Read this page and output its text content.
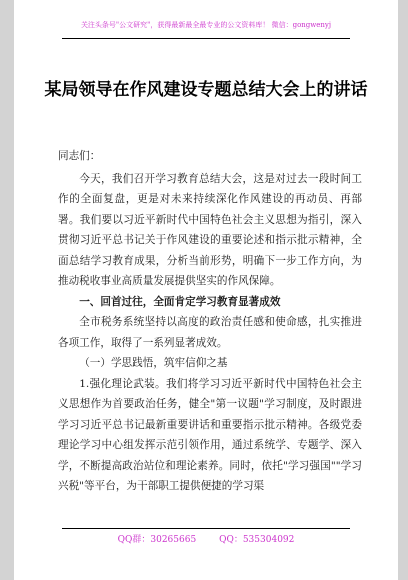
关注头条号"公文研究"，获得最新最全最专业的公文资料库！ 微信：gongwenyj
某局领导在作风建设专题总结大会上的讲话

同志们：

今天，我们召开学习教育总结大会，这是对过去一段时间工作的全面复盘，更是对未来持续深化作风建设的再动员、再部署。我们要以习近平新时代中国特色社会主义思想为指引，深入贯彻习近平总书记关于作风建设的重要论述和指示批示精神，全面总结学习教育成果，分析当前形势，明确下一步工作方向，为推动税收事业高质量发展提供坚实的作风保障。

一、回首过往，全面肯定学习教育显著成效

全市税务系统坚持以高度的政治责任感和使命感，扎实推进各项工作，取得了一系列显著成效。

（一）学思践悟，筑牢信仰之基

1.强化理论武装。我们将学习习近平新时代中国特色社会主义思想作为首要政治任务，健全"第一议题"学习制度，及时跟进学习习近平总书记最新重要讲话和重要指示批示精神。各级党委理论学习中心组发挥示范引领作用，通过系统学、专题学、深入学，不断提高政治站位和理论素养。同时，依托"学习强国""学习兴税"等平台，为干部职工提供便捷的学习渠

QQ群：30265665	QQ：535304092
